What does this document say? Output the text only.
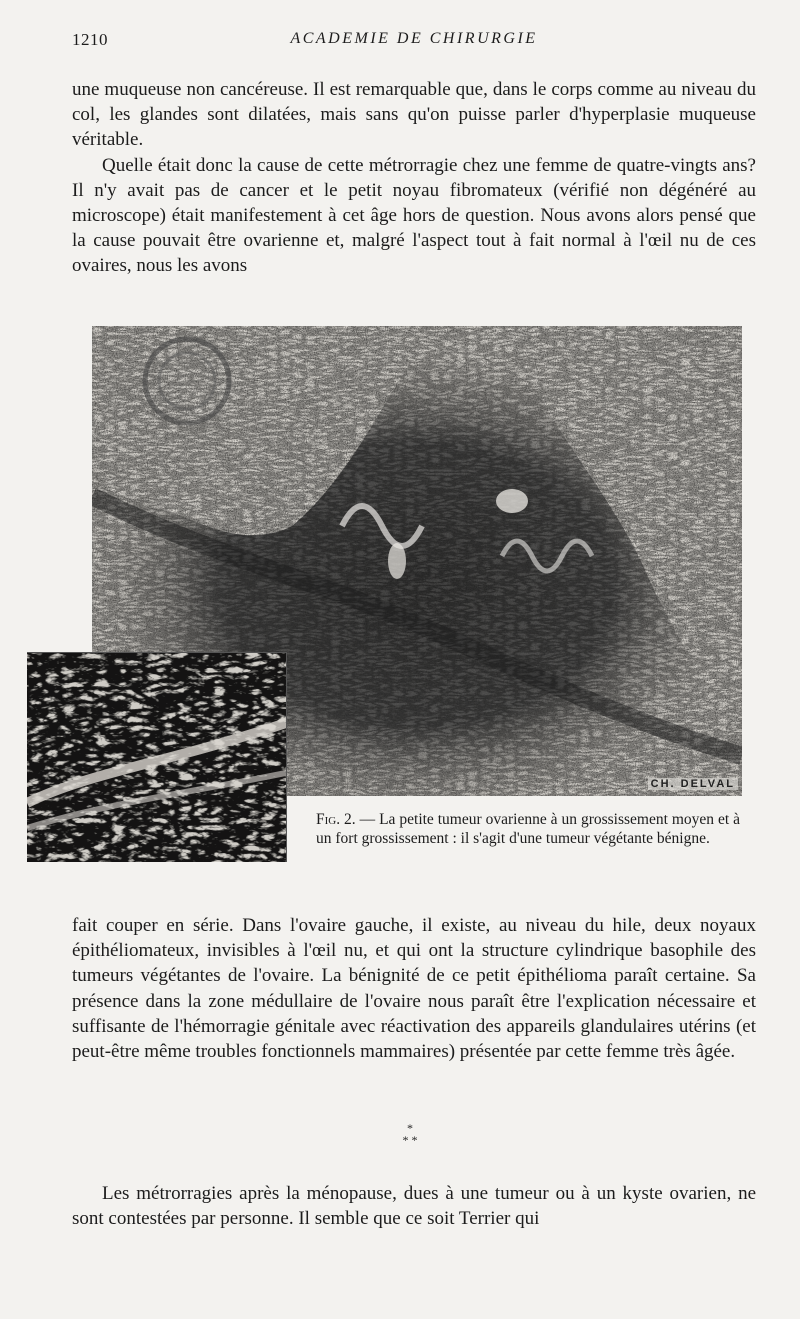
1210	ACADEMIE DE CHIRURGIE

une muqueuse non cancéreuse. Il est remarquable que, dans le corps comme au niveau du col, les glandes sont dilatées, mais sans qu'on puisse parler d'hyperplasie muqueuse véritable.

Quelle était donc la cause de cette métrorragie chez une femme de quatre-vingts ans? Il n'y avait pas de cancer et le petit noyau fibromateux (vérifié non dégénéré au microscope) était manifestement à cet âge hors de question. Nous avons alors pensé que la cause pouvait être ovarienne et, malgré l'aspect tout à fait normal à l'œil nu de ces ovaires, nous les avons

CH. DELVAL
Fig. 2. — La petite tumeur ovarienne à un grossissement moyen et à un fort grossissement : il s'agit d'une tumeur végétante bénigne.

fait couper en série. Dans l'ovaire gauche, il existe, au niveau du hile, deux noyaux épithéliomateux, invisibles à l'œil nu, et qui ont la structure cylindrique basophile des tumeurs végétantes de l'ovaire. La bénignité de ce petit épithélioma paraît certaine. Sa présence dans la zone médullaire de l'ovaire nous paraît être l'explication nécessaire et suffisante de l'hémorragie génitale avec réactivation des appareils glandulaires utérins (et peut-être même troubles fonctionnels mammaires) présentée par cette femme très âgée.

*
* *

Les métrorragies après la ménopause, dues à une tumeur ou à un kyste ovarien, ne sont contestées par personne. Il semble que ce soit Terrier qui
